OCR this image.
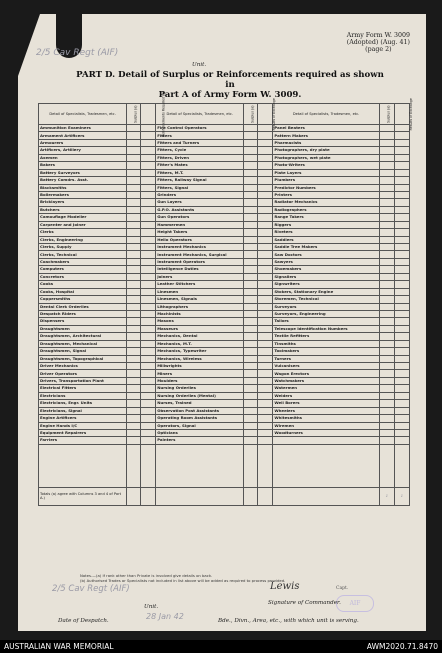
Army Form W. 3009
(Adopted) (Aug. 41)
(page 2)
2/5 Cav Regt (AIF)
Unit.
PART D. Detail of Surplus or Reinforcements required as shown in
Part A of Army Form W. 3009.
Detail of Specialists, Tradesmen, etc.	Surplus (a)	Reinforcements Required (b)	Detail of Specialists, Tradesmen, etc.	Surplus (a)	Results of Exchange	Detail of Specialists, Tradesmen, etc.	Surplus (a)	Results of Exchange
Ammunition Examiners			Fire Control Operators			Panel Beaters		
Armament Artificers			Fitters			Pattern Makers		
Armourers			Fitters and Turners			Pharmacists		
Artificers, Artillery			Fitters, Cycle			Photographers, dry plate		
Axemen			Fitters, Driven			Photographers, wet plate		
Bakers			Fitter's Mates			Photo-Writers		
Battery Surveyors			Fitters, M.T.			Plate Layers		
Battery Comdrs. Asst.			Fitters, Railway Signal			Plumbers		
Blacksmiths			Fitters, Signal			Predictor Numbers		
Boilermakers			Grinders			Printers		
Bricklayers			Gun Layers			Radiator Mechanics		
Butchers			G.P.O. Assistants			Radiographers		
Camouflage Modeller			Gun Operators			Range Takers		
Carpenter and Joiner			Hammermen			Riggers		
Clerks			Height Takers			Riveters		
Clerks, Engineering			Helio Operators			Saddlers		
Clerks, Supply			Instrument Mechanics			Saddle Tree Makers		
Clerks, Technical			Instrument Mechanics, Surgical			Saw Doctors		
Coachmakers			Instrument Operators			Sawyers		
Computers			Intelligence Duties			Shoemakers		
Concretors			Joiners			Signallers		
Cooks			Leather Stitchers			Signwriters		
Cooks, Hospital			Linesmen			Stokers, Stationary Engine		
Coppersmiths			Linesmen, Signals			Storemen, Technical		
Dental Clerk Orderlies			Lithographers			Surveyors		
Despatch Riders			Machinists			Surveyors, Engineering		
Dispensers			Masons			Tailors		
Draughtsmen			Masseurs			Telescope Identification Numbers		
Draughtsmen, Architectural			Mechanics, Dental			Textile Refitters		
Draughtsmen, Mechanical			Mechanics, M.T.			Tinsmiths		
Draughtsmen, Signal			Mechanics, Typewriter			Toolmakers		
Draughtsmen, Topographical			Mechanics, Wireless			Turners		
Driver Mechanics			Millwrights			Vulcanisers		
Driver Operators			Miners			Wagon Erectors		
Drivers, Transportation Plant			Moulders			Watchmakers		
Electrical Fitters			Nursing Orderlies			Watermen		
Electricians			Nursing Orderlies (Mental)			Welders		
Electricians, Engr. Units			Nurses, Trained			Well Borers		
Electricians, Signal			Observation Post Assistants			Wheelers		
Engine Artificers			Operating Room Assistants			Whitesmiths		
Engine Hands I/C			Operators, Signal			Wiremen		
Equipment Repairers			Opticians			Woodturners		
Farriers			Painters					

Totals (a) agree with Columns 3 and 4 of Part A.)							1	1
Notes.—(a) If rank other than Private is involved give details on back.
(b) Authorised Trades or Specialists not included in list above will be added as required to process provided.
2/5 Cav Regt (AIF)	Lewis	Capt.
AIF
Unit.
Signature of Commander.
Date of Despatch.	28 Jan 42	Bde., Divn., Area, etc., with which unit is serving.
AUSTRALIAN WAR MEMORIAL	AWM2020.71.8470
